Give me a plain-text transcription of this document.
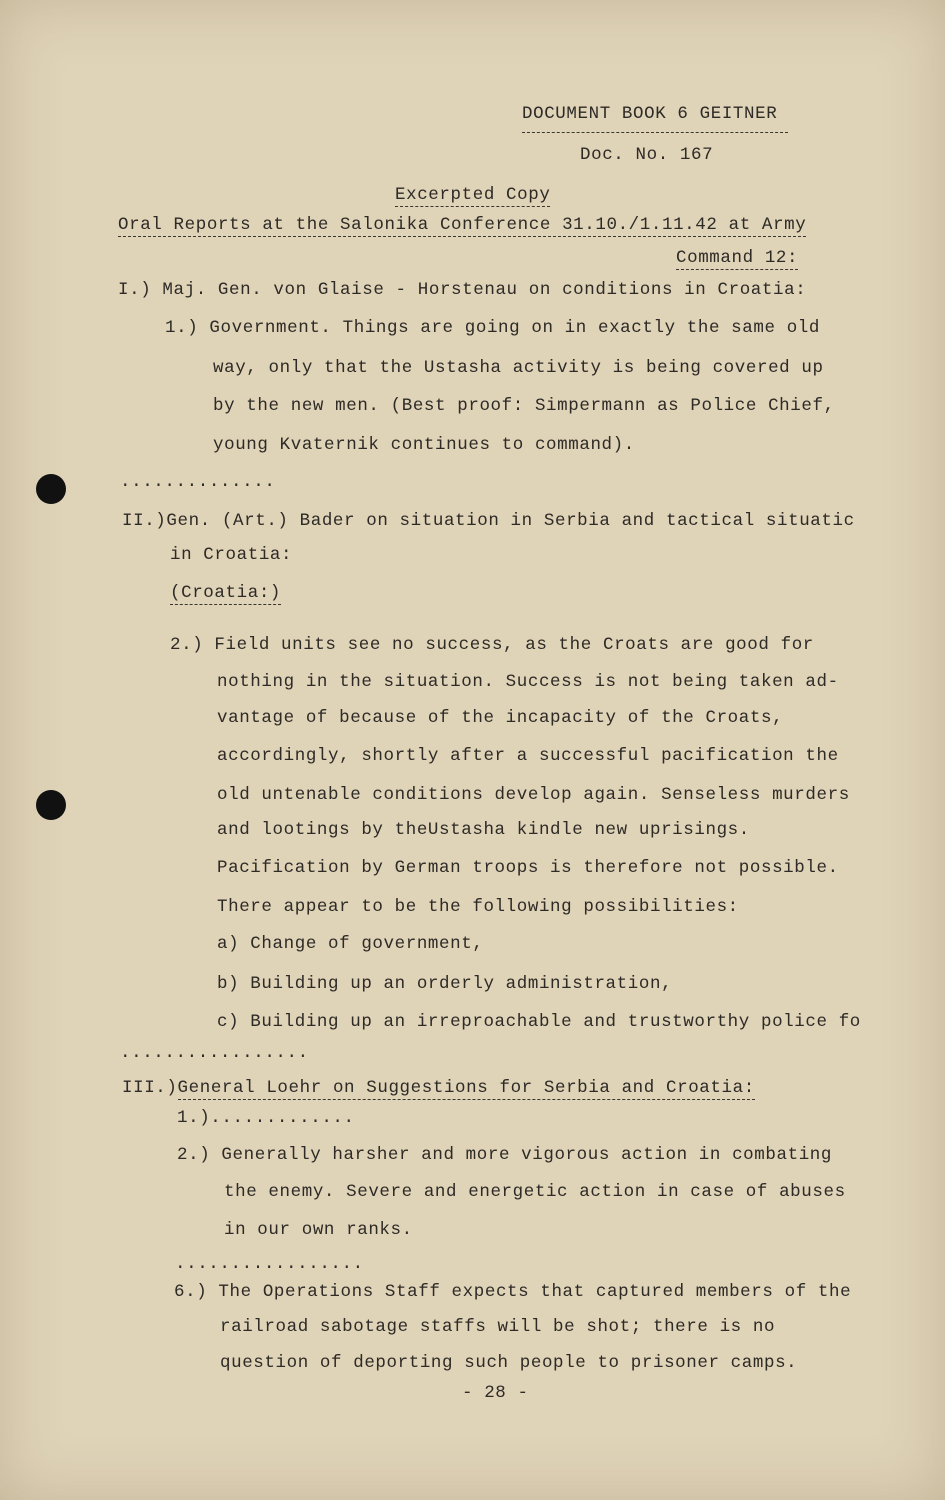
DOCUMENT BOOK 6 GEITNER
Doc. No. 167
Excerpted Copy
Oral Reports at the Salonika Conference 31.10./1.11.42 at Army
Command 12:
I.) Maj. Gen. von Glaise - Horstenau on conditions in Croatia:
1.) Government. Things are going on in exactly the same old
way, only that the Ustasha activity is being covered up
by the new men. (Best proof: Simpermann as Police Chief,
young Kvaternik continues to command).
..............
II.)Gen. (Art.) Bader on situation in Serbia and tactical situatic
in Croatia:
(Croatia:)
2.) Field units see no success, as the Croats are good for
nothing in the situation. Success is not being taken ad-
vantage of because of the incapacity of the Croats,
accordingly, shortly after a successful pacification the
old untenable conditions develop again. Senseless murders
and lootings by theUstasha kindle new uprisings.
Pacification by German troops is therefore not possible.
There appear to be the following possibilities:
a) Change of government,
b) Building up an orderly administration,
c) Building up an irreproachable and trustworthy police fo
.................
III.)General Loehr on Suggestions for Serbia and Croatia:
1.).............
2.) Generally harsher and more vigorous action in combating
the enemy. Severe and energetic action in case of abuses
in our own ranks.
.................
6.) The Operations Staff expects that captured members of the
railroad sabotage staffs will be shot; there is no
question of deporting such people to prisoner camps.
- 28 -
